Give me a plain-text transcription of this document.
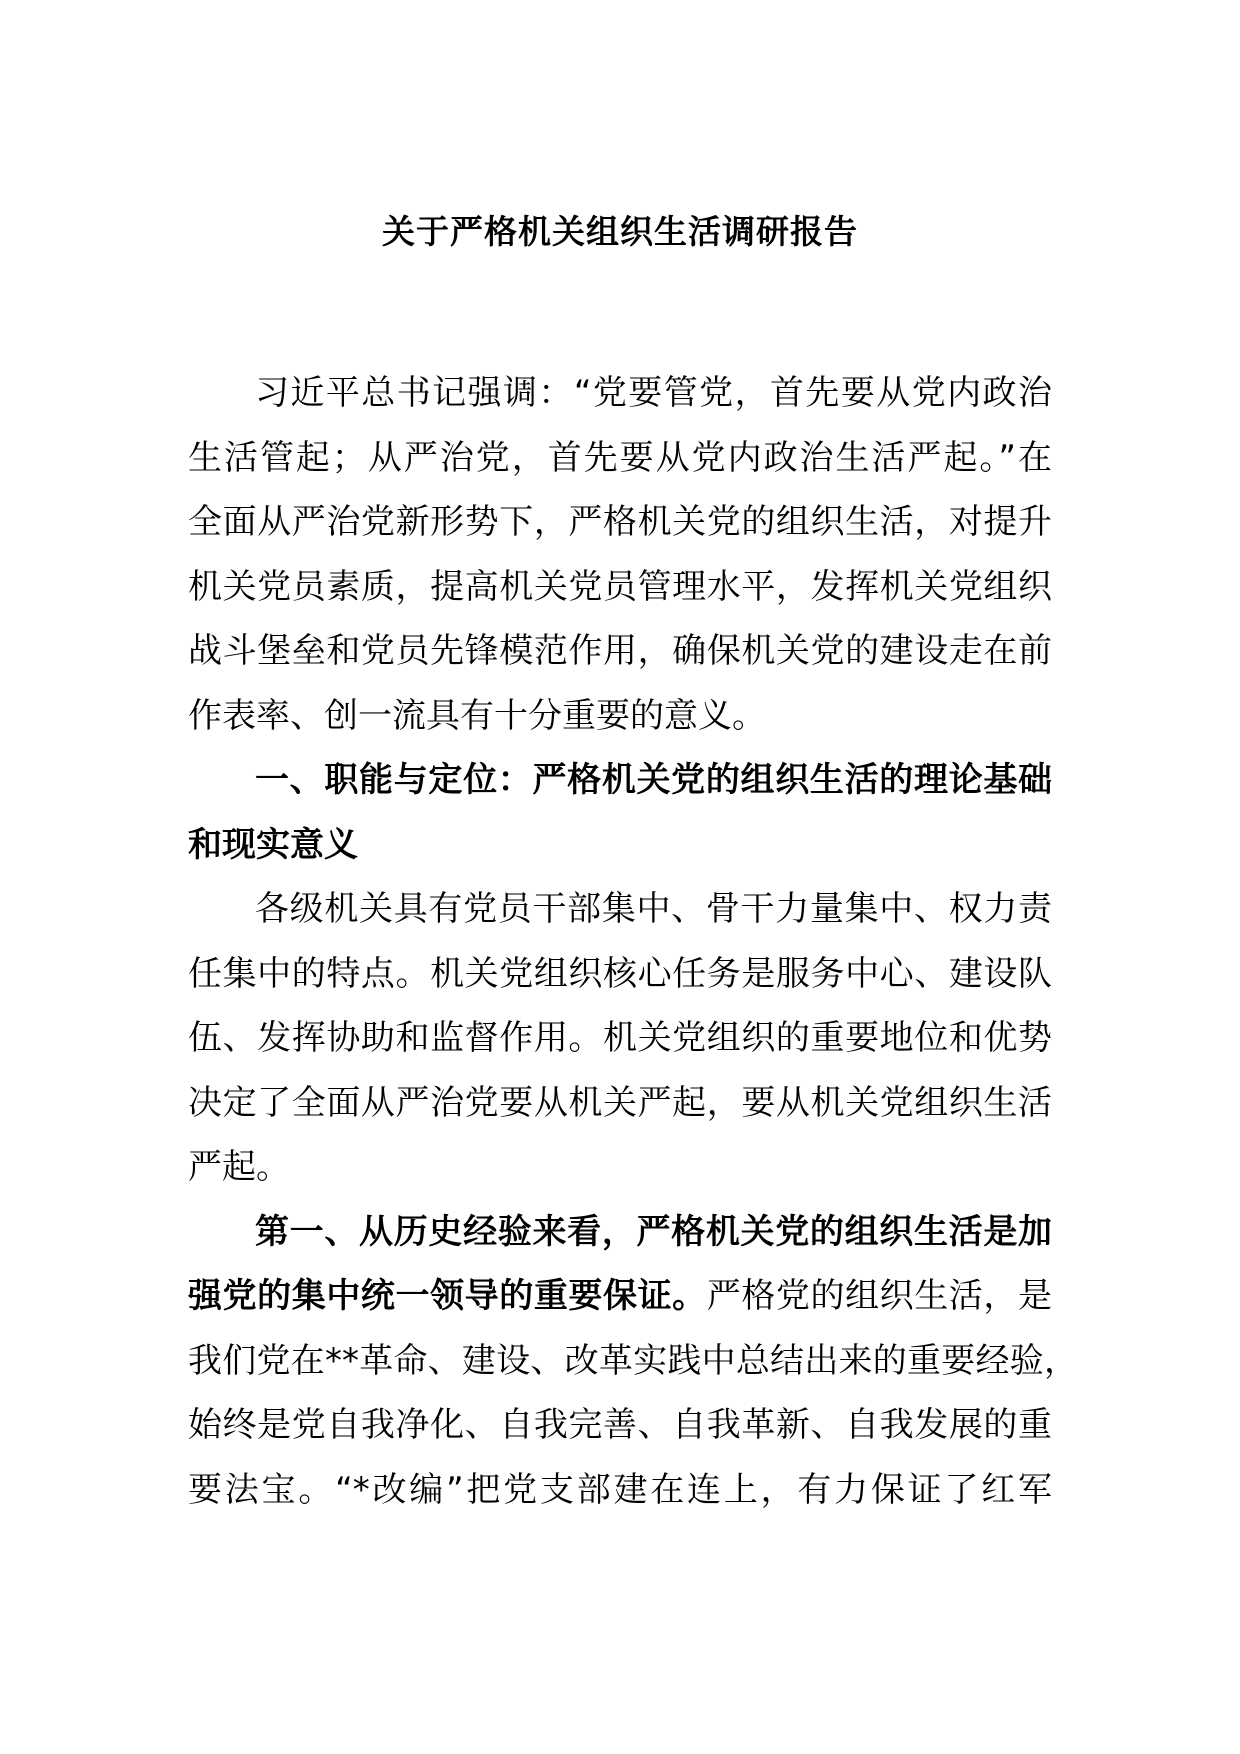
关于严格机关组织生活调研报告
习近平总书记强调：“党要管党，首先要从党内政治
生活管起；从严治党，首先要从党内政治生活严起。”在
全面从严治党新形势下，严格机关党的组织生活，对提升
机关党员素质，提高机关党员管理水平，发挥机关党组织
战斗堡垒和党员先锋模范作用，确保机关党的建设走在前
作表率、创一流具有十分重要的意义。
一、职能与定位：严格机关党的组织生活的理论基础
和现实意义
各级机关具有党员干部集中、骨干力量集中、权力责
任集中的特点。机关党组织核心任务是服务中心、建设队
伍、发挥协助和监督作用。机关党组织的重要地位和优势
决定了全面从严治党要从机关严起，要从机关党组织生活
严起。
第一、从历史经验来看，严格机关党的组织生活是加
强党的集中统一领导的重要保证。严格党的组织生活，是
我们党在**革命、建设、改革实践中总结出来的重要经验，
始终是党自我净化、自我完善、自我革新、自我发展的重
要法宝。“*改编”把党支部建在连上，有力保证了红军
